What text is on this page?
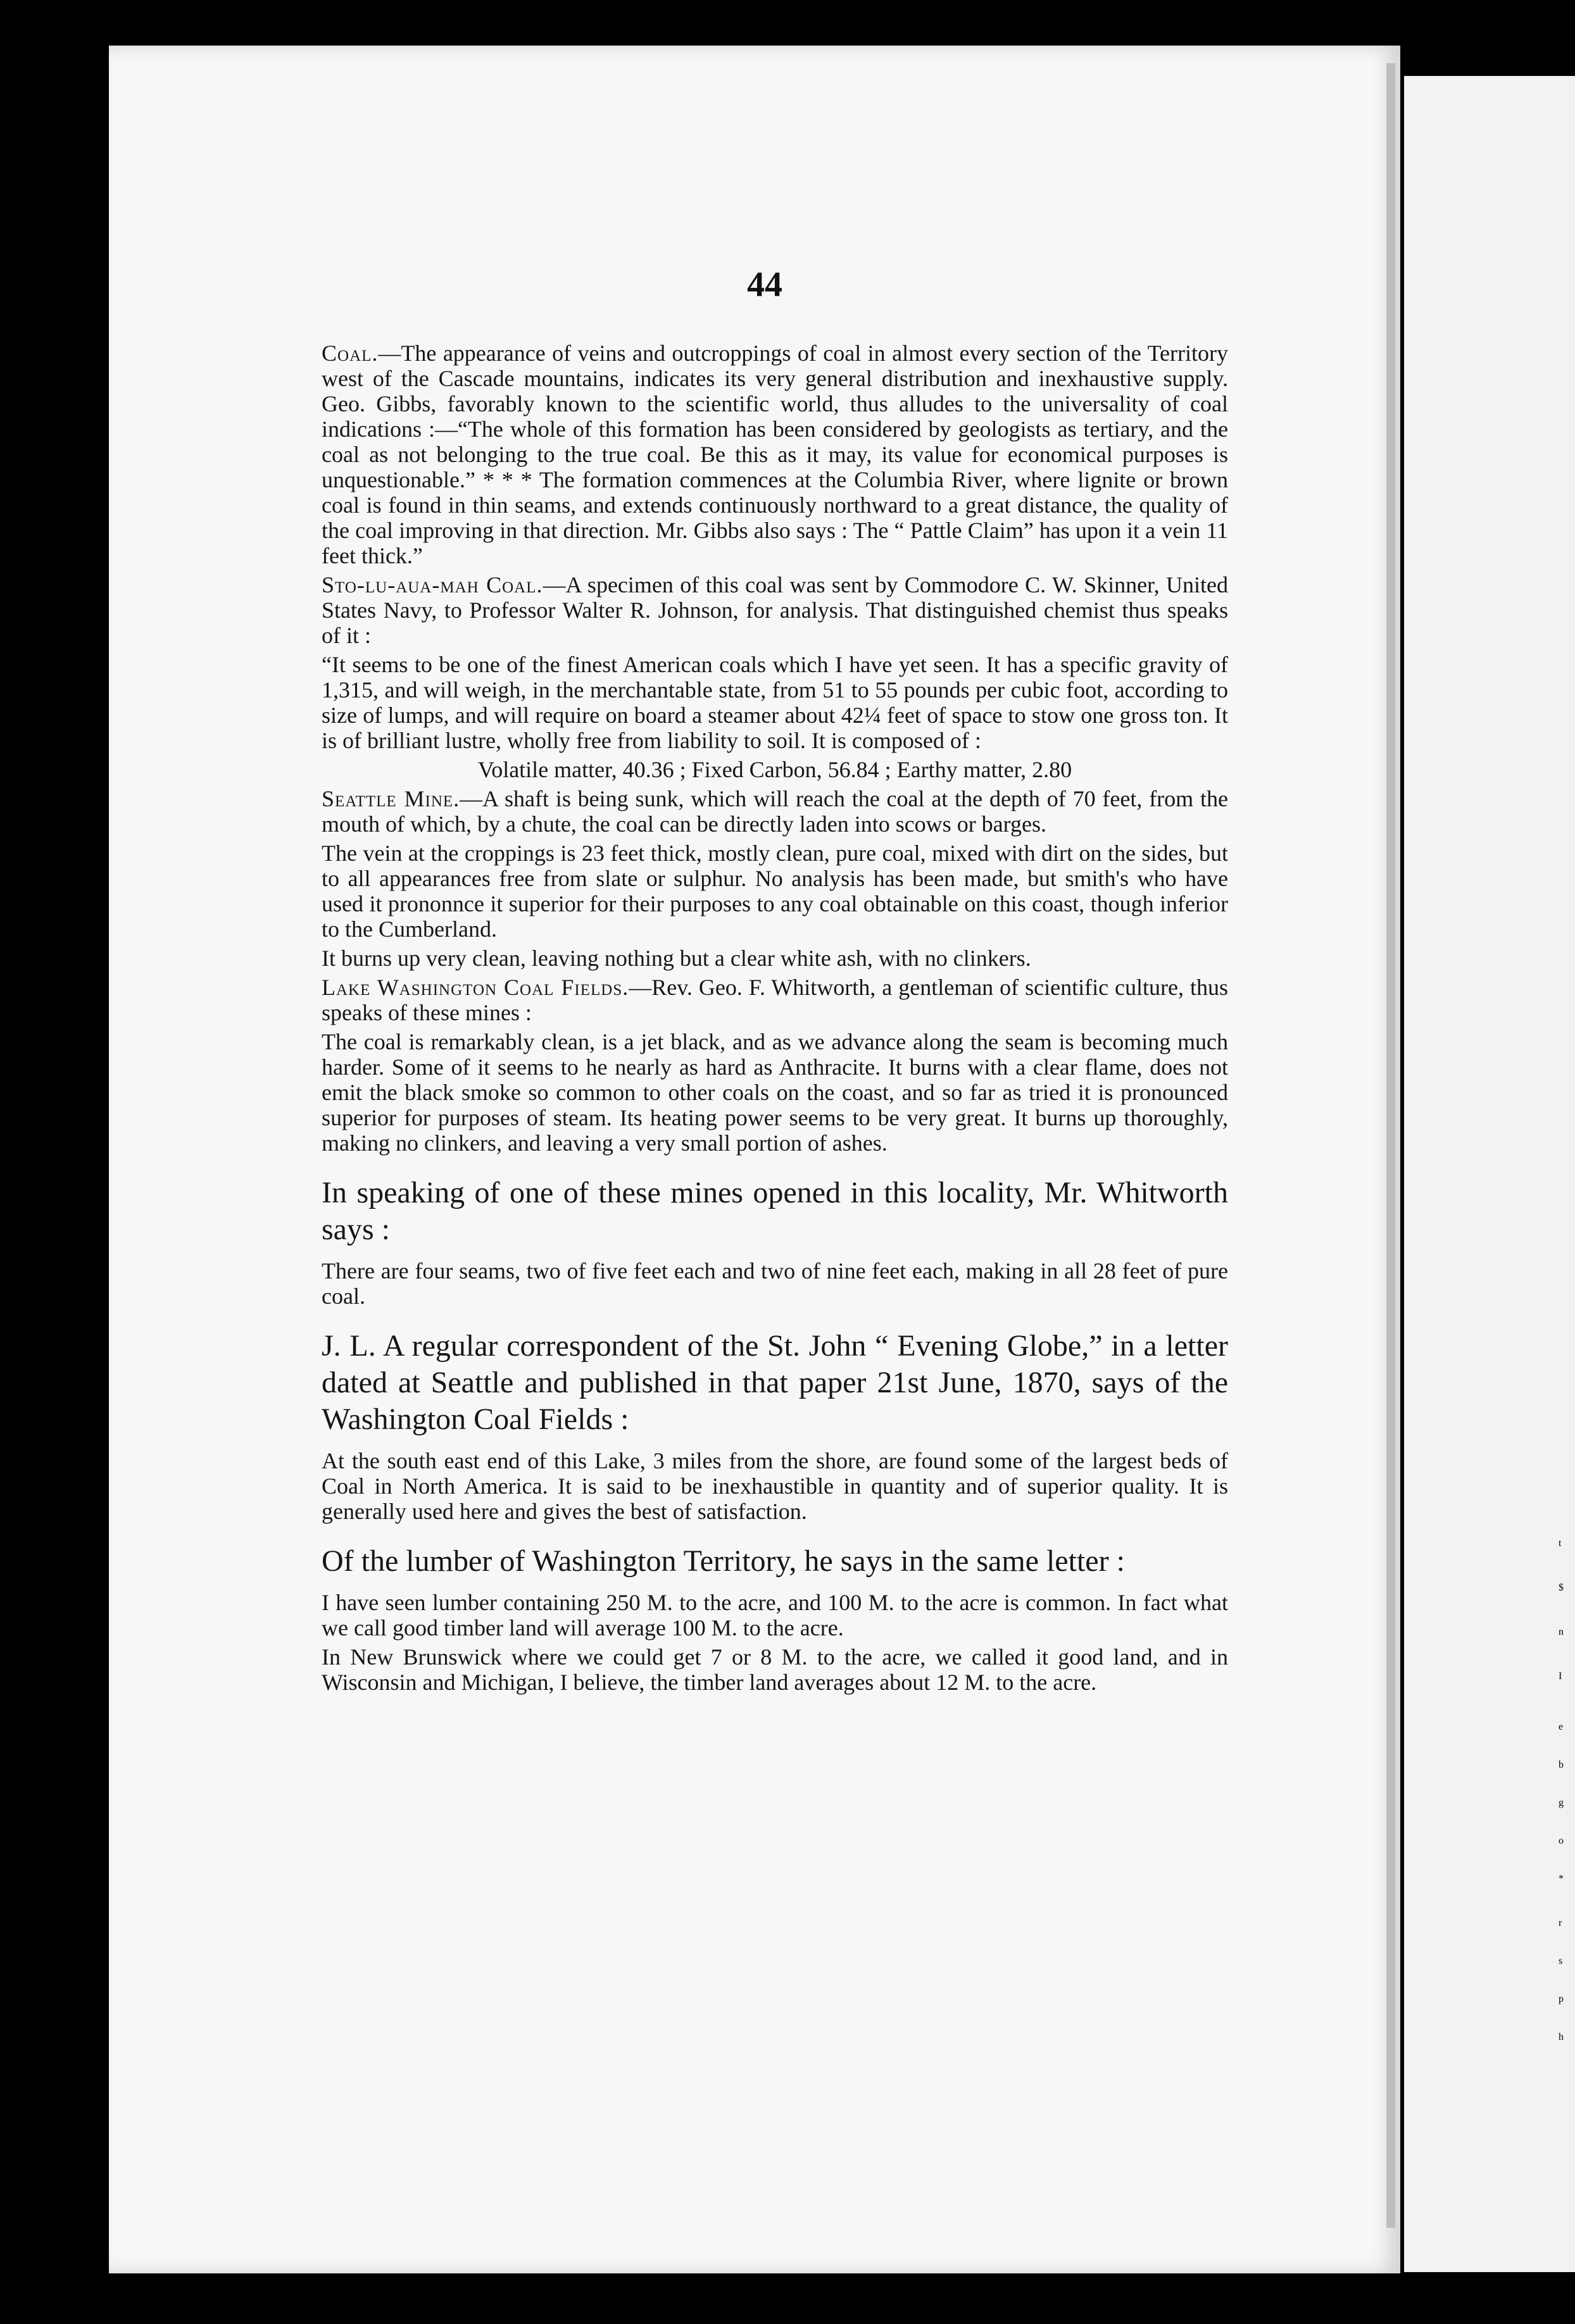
44

Coal.—The appearance of veins and outcroppings of coal in almost every section of the Territory west of the Cascade mountains, indicates its very general distribution and inexhaustive supply. Geo. Gibbs, favorably known to the scientific world, thus alludes to the universality of coal indications :—“The whole of this formation has been considered by geologists as tertiary, and the coal as not belonging to the true coal. Be this as it may, its value for economical purposes is unquestionable.” * * * The formation commences at the Columbia River, where lignite or brown coal is found in thin seams, and extends continuously northward to a great distance, the quality of the coal improving in that direction. Mr. Gibbs also says : The “ Pattle Claim” has upon it a vein 11 feet thick.”

Sto-lu-aua-mah Coal.—A specimen of this coal was sent by Commodore C. W. Skinner, United States Navy, to Professor Walter R. Johnson, for analysis. That distinguished chemist thus speaks of it :

“It seems to be one of the finest American coals which I have yet seen. It has a specific gravity of 1,315, and will weigh, in the merchantable state, from 51 to 55 pounds per cubic foot, according to size of lumps, and will require on board a steamer about 42¼ feet of space to stow one gross ton. It is of brilliant lustre, wholly free from liability to soil. It is composed of :

Volatile matter, 40.36 ; Fixed Carbon, 56.84 ; Earthy matter, 2.80

Seattle Mine.—A shaft is being sunk, which will reach the coal at the depth of 70 feet, from the mouth of which, by a chute, the coal can be directly laden into scows or barges.

The vein at the croppings is 23 feet thick, mostly clean, pure coal, mixed with dirt on the sides, but to all appearances free from slate or sulphur. No analysis has been made, but smith's who have used it prononnce it superior for their purposes to any coal obtainable on this coast, though inferior to the Cumberland.

It burns up very clean, leaving nothing but a clear white ash, with no clinkers.

Lake Washington Coal Fields.—Rev. Geo. F. Whitworth, a gentleman of scientific culture, thus speaks of these mines :

The coal is remarkably clean, is a jet black, and as we advance along the seam is becoming much harder. Some of it seems to he nearly as hard as Anthracite. It burns with a clear flame, does not emit the black smoke so common to other coals on the coast, and so far as tried it is pronounced superior for purposes of steam. Its heating power seems to be very great. It burns up thoroughly, making no clinkers, and leaving a very small portion of ashes.

In speaking of one of these mines opened in this locality, Mr. Whitworth says :

There are four seams, two of five feet each and two of nine feet each, making in all 28 feet of pure coal.

J. L. A regular correspondent of the St. John “ Evening Globe,” in a letter dated at Seattle and published in that paper 21st June, 1870, says of the Washington Coal Fields :

At the south east end of this Lake, 3 miles from the shore, are found some of the largest beds of Coal in North America. It is said to be inexhaustible in quantity and of superior quality. It is generally used here and gives the best of satisfaction.

Of the lumber of Washington Territory, he says in the same letter :

I have seen lumber containing 250 M. to the acre, and 100 M. to the acre is common. In fact what we call good timber land will average 100 M. to the acre.

In New Brunswick where we could get 7 or 8 M. to the acre, we called it good land, and in Wisconsin and Michigan, I believe, the timber land averages about 12 M. to the acre.

t
$
n
I
e
b
g
o
*
r
s
p
h
